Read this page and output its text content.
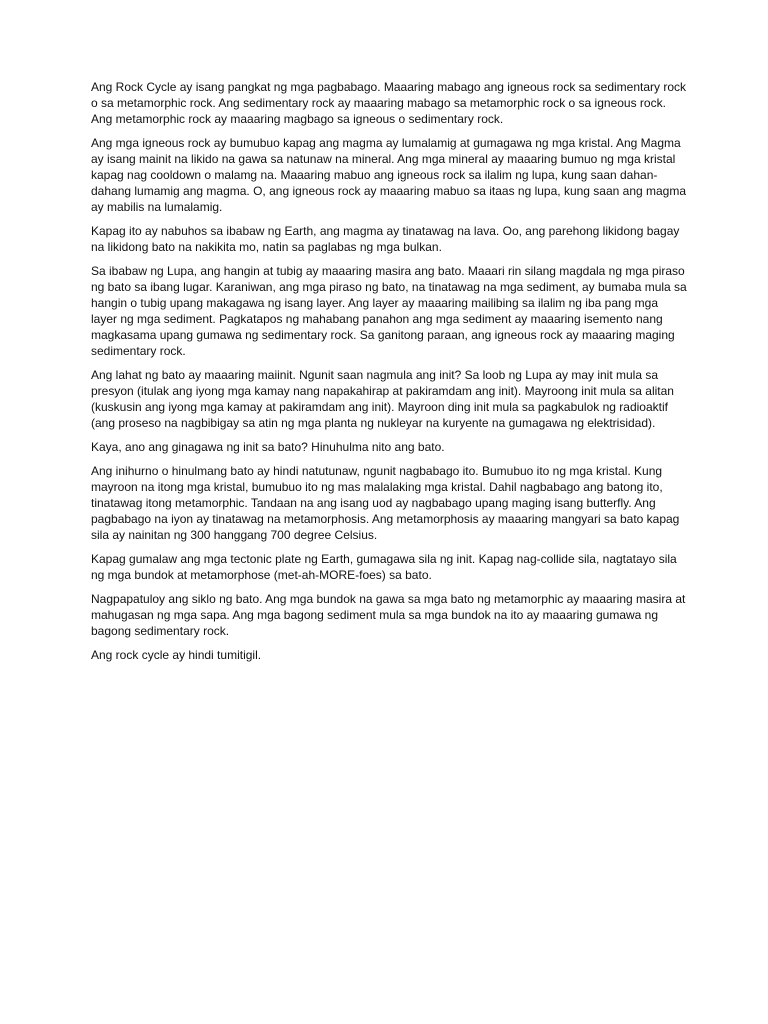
Ang Rock Cycle ay isang pangkat ng mga pagbabago. Maaaring mabago ang igneous rock sa sedimentary rock o sa metamorphic rock. Ang sedimentary rock ay maaaring mabago sa metamorphic rock o sa igneous rock. Ang metamorphic rock ay maaaring magbago sa igneous o sedimentary rock.

Ang mga igneous rock ay bumubuo kapag ang magma ay lumalamig at gumagawa ng mga kristal. Ang Magma ay isang mainit na likido na gawa sa natunaw na mineral. Ang mga mineral ay maaaring bumuo ng mga kristal kapag nag cooldown o malamg na. Maaaring mabuo ang igneous rock sa ilalim ng lupa, kung saan dahan-dahang lumamig ang magma. O, ang igneous rock ay maaaring mabuo sa itaas ng lupa, kung saan ang magma ay mabilis na lumalamig.

Kapag ito ay nabuhos sa ibabaw ng Earth, ang magma ay tinatawag na lava. Oo, ang parehong likidong bagay na likidong bato na nakikita mo, natin sa paglabas ng mga bulkan.

Sa ibabaw ng Lupa, ang hangin at tubig ay maaaring masira ang bato. Maaari rin silang magdala ng mga piraso ng bato sa ibang lugar. Karaniwan, ang mga piraso ng bato, na tinatawag na mga sediment, ay bumaba mula sa hangin o tubig upang makagawa ng isang layer. Ang layer ay maaaring mailibing sa ilalim ng iba pang mga layer ng mga sediment. Pagkatapos ng mahabang panahon ang mga sediment ay maaaring isemento nang magkasama upang gumawa ng sedimentary rock. Sa ganitong paraan, ang igneous rock ay maaaring maging sedimentary rock.

Ang lahat ng bato ay maaaring maiinit. Ngunit saan nagmula ang init? Sa loob ng Lupa ay may init mula sa presyon (itulak ang iyong mga kamay nang napakahirap at pakiramdam ang init). Mayroong init mula sa alitan (kuskusin ang iyong mga kamay at pakiramdam ang init). Mayroon ding init mula sa pagkabulok ng radioaktif (ang proseso na nagbibigay sa atin ng mga planta ng nukleyar na kuryente na gumagawa ng elektrisidad).

Kaya, ano ang ginagawa ng init sa bato? Hinuhulma nito ang bato.

Ang inihurno o hinulmang bato ay hindi natutunaw, ngunit nagbabago ito. Bumubuo ito ng mga kristal. Kung mayroon na itong mga kristal, bumubuo ito ng mas malalaking mga kristal. Dahil nagbabago ang batong ito, tinatawag itong metamorphic. Tandaan na ang isang uod ay nagbabago upang maging isang butterfly. Ang pagbabago na iyon ay tinatawag na metamorphosis. Ang metamorphosis ay maaaring mangyari sa bato kapag sila ay nainitan ng 300 hanggang 700 degree Celsius.

Kapag gumalaw ang mga tectonic plate ng Earth, gumagawa sila ng init. Kapag nag-collide sila, nagtatayo sila ng mga bundok at metamorphose (met-ah-MORE-foes) sa bato.

Nagpapatuloy ang siklo ng bato. Ang mga bundok na gawa sa mga bato ng metamorphic ay maaaring masira at mahugasan ng mga sapa. Ang mga bagong sediment mula sa mga bundok na ito ay maaaring gumawa ng bagong sedimentary rock.

Ang rock cycle ay hindi tumitigil.
